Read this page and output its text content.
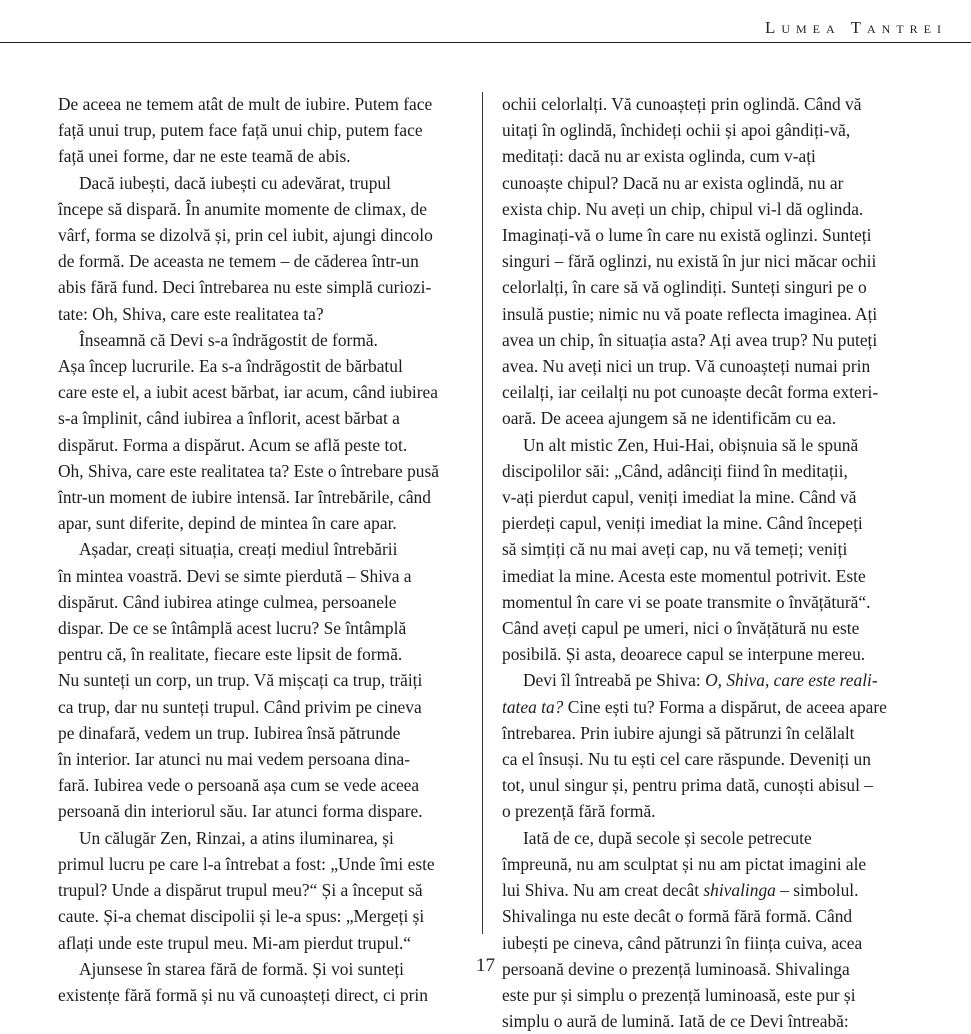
Lumea Tantrei
De aceea ne temem atât de mult de iubire. Putem face
față unui trup, putem face față unui chip, putem face
față unei forme, dar ne este teamă de abis.
Dacă iubești, dacă iubești cu adevărat, trupul
începe să dispară. În anumite momente de climax, de
vârf, forma se dizolvă și, prin cel iubit, ajungi dincolo
de formă. De aceasta ne temem – de căderea într-un
abis fără fund. Deci întrebarea nu este simplă curiozi-
tate: Oh, Shiva, care este realitatea ta?
Înseamnă că Devi s-a îndrăgostit de formă.
Așa încep lucrurile. Ea s-a îndrăgostit de bărbatul
care este el, a iubit acest bărbat, iar acum, când iubirea
s-a împlinit, când iubirea a înflorit, acest bărbat a
dispărut. Forma a dispărut. Acum se află peste tot.
Oh, Shiva, care este realitatea ta? Este o întrebare pusă
într-un moment de iubire intensă. Iar întrebările, când
apar, sunt diferite, depind de mintea în care apar.
Așadar, creați situația, creați mediul întrebării
în mintea voastră. Devi se simte pierdută – Shiva a
dispărut. Când iubirea atinge culmea, persoanele
dispar. De ce se întâmplă acest lucru? Se întâmplă
pentru că, în realitate, fiecare este lipsit de formă.
Nu sunteți un corp, un trup. Vă mișcați ca trup, trăiți
ca trup, dar nu sunteți trupul. Când privim pe cineva
pe dinafară, vedem un trup. Iubirea însă pătrunde
în interior. Iar atunci nu mai vedem persoana dina-
fară. Iubirea vede o persoană așa cum se vede aceea
persoană din interiorul său. Iar atunci forma dispare.
Un călugăr Zen, Rinzai, a atins iluminarea, și
primul lucru pe care l-a întrebat a fost: „Unde îmi este
trupul? Unde a dispărut trupul meu?“ Și a început să
caute. Și-a chemat discipolii și le-a spus: „Mergeți și
aflați unde este trupul meu. Mi-am pierdut trupul.“
Ajunsese în starea fără de formă. Și voi sunteți
existențe fără formă și nu vă cunoașteți direct, ci prin
ochii celorlalți. Vă cunoașteți prin oglindă. Când vă
uitați în oglindă, închideți ochii și apoi gândiți-vă,
meditați: dacă nu ar exista oglinda, cum v-ați
cunoaște chipul? Dacă nu ar exista oglindă, nu ar
exista chip. Nu aveți un chip, chipul vi-l dă oglinda.
Imaginați-vă o lume în care nu există oglinzi. Sunteți
singuri – fără oglinzi, nu există în jur nici măcar ochii
celorlalți, în care să vă oglindiți. Sunteți singuri pe o
insulă pustie; nimic nu vă poate reflecta imaginea. Ați
avea un chip, în situația asta? Ați avea trup? Nu puteți
avea. Nu aveți nici un trup. Vă cunoașteți numai prin
ceilalți, iar ceilalți nu pot cunoaște decât forma exteri-
oară. De aceea ajungem să ne identificăm cu ea.
Un alt mistic Zen, Hui-Hai, obișnuia să le spună
discipolilor săi: „Când, adânciți fiind în meditații,
v-ați pierdut capul, veniți imediat la mine. Când vă
pierdeți capul, veniți imediat la mine. Când începeți
să simțiți că nu mai aveți cap, nu vă temeți; veniți
imediat la mine. Acesta este momentul potrivit. Este
momentul în care vi se poate transmite o învățătură“.
Când aveți capul pe umeri, nici o învățătură nu este
posibilă. Și asta, deoarece capul se interpune mereu.
Devi îl întreabă pe Shiva: O, Shiva, care este reali-
tatea ta? Cine ești tu? Forma a dispărut, de aceea apare
întrebarea. Prin iubire ajungi să pătrunzi în celălalt
ca el însuși. Nu tu ești cel care răspunde. Deveniți un
tot, unul singur și, pentru prima dată, cunoști abisul –
o prezență fără formă.
Iată de ce, după secole și secole petrecute
împreună, nu am sculptat și nu am pictat imagini ale
lui Shiva. Nu am creat decât shivalinga – simbolul.
Shivalinga nu este decât o formă fără formă. Când
iubești pe cineva, când pătrunzi în ființa cuiva, acea
persoană devine o prezență luminoasă. Shivalinga
este pur și simplu o prezență luminoasă, este pur și
simplu o aură de lumină. Iată de ce Devi întreabă:
17
